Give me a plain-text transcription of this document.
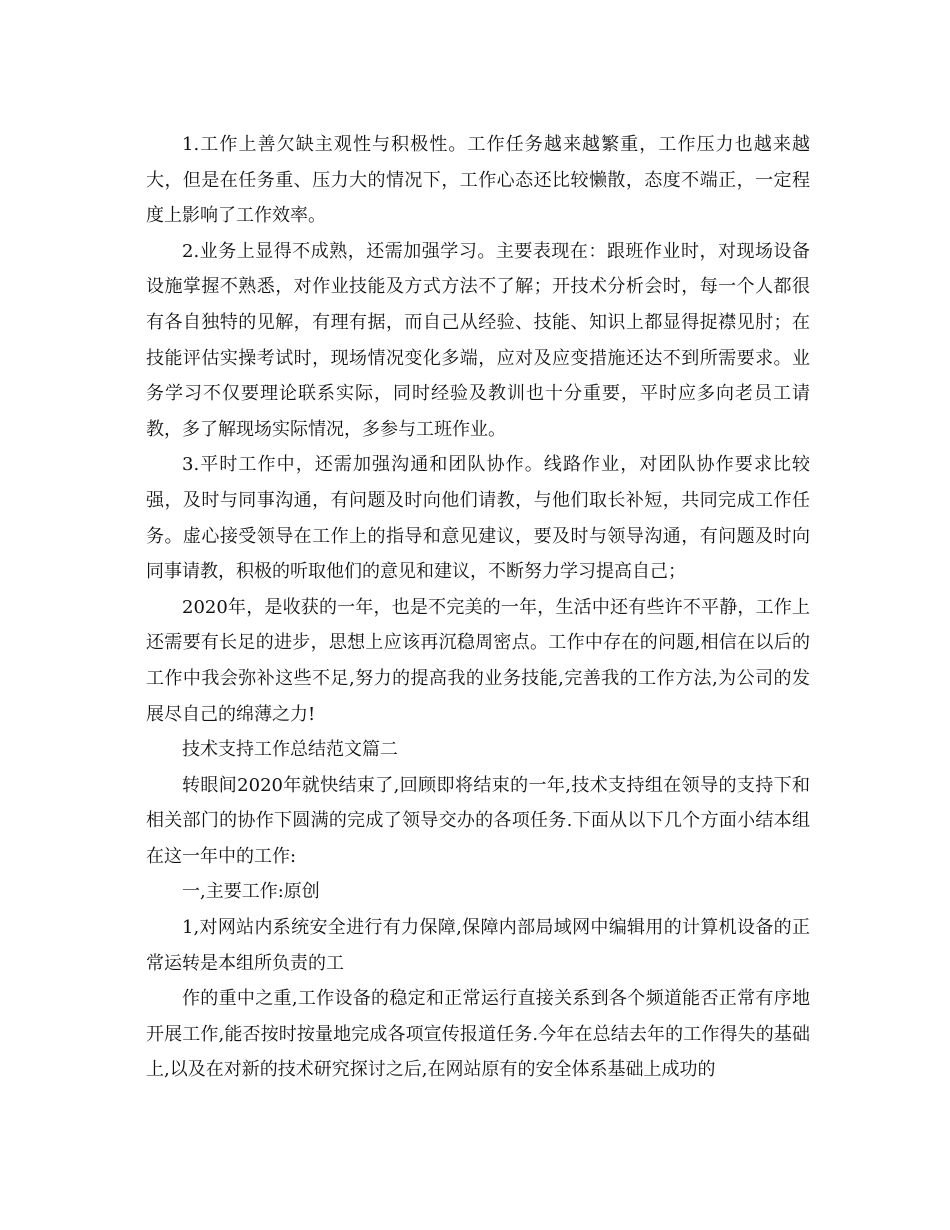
1.工作上善欠缺主观性与积极性。工作任务越来越繁重，工作压力也越来越大，但是在任务重、压力大的情况下，工作心态还比较懒散，态度不端正，一定程度上影响了工作效率。

2.业务上显得不成熟，还需加强学习。主要表现在：跟班作业时，对现场设备设施掌握不熟悉，对作业技能及方式方法不了解；开技术分析会时，每一个人都很有各自独特的见解，有理有据，而自己从经验、技能、知识上都显得捉襟见肘；在技能评估实操考试时，现场情况变化多端，应对及应变措施还达不到所需要求。业务学习不仅要理论联系实际，同时经验及教训也十分重要，平时应多向老员工请教，多了解现场实际情况，多参与工班作业。

3.平时工作中，还需加强沟通和团队协作。线路作业，对团队协作要求比较强，及时与同事沟通，有问题及时向他们请教，与他们取长补短，共同完成工作任务。虚心接受领导在工作上的指导和意见建议，要及时与领导沟通，有问题及时向同事请教，积极的听取他们的意见和建议，不断努力学习提高自己；

2020年，是收获的一年，也是不完美的一年，生活中还有些许不平静，工作上还需要有长足的进步，思想上应该再沉稳周密点。工作中存在的问题,相信在以后的工作中我会弥补这些不足,努力的提高我的业务技能,完善我的工作方法,为公司的发展尽自己的绵薄之力!

技术支持工作总结范文篇二

转眼间2020年就快结束了,回顾即将结束的一年,技术支持组在领导的支持下和相关部门的协作下圆满的完成了领导交办的各项任务.下面从以下几个方面小结本组在这一年中的工作:

一,主要工作:原创

1,对网站内系统安全进行有力保障,保障内部局域网中编辑用的计算机设备的正常运转是本组所负责的工

作的重中之重,工作设备的稳定和正常运行直接关系到各个频道能否正常有序地开展工作,能否按时按量地完成各项宣传报道任务.今年在总结去年的工作得失的基础上,以及在对新的技术研究探讨之后,在网站原有的安全体系基础上成功的
